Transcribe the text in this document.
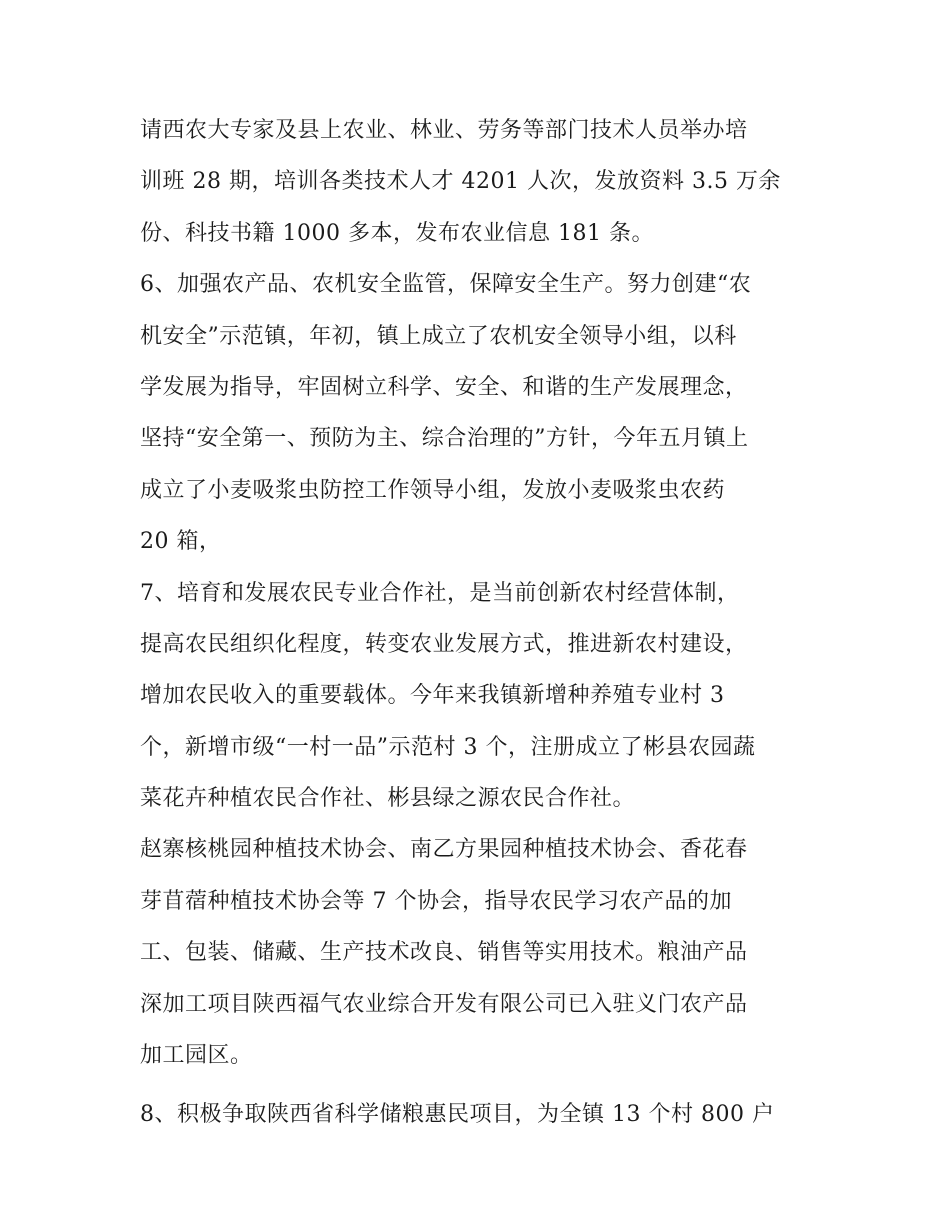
请西农大专家及县上农业、林业、劳务等部门技术人员举办培
训班 28 期，培训各类技术人才 4201 人次，发放资料 3.5 万余
份、科技书籍 1000 多本，发布农业信息 181 条。
6、加强农产品、农机安全监管，保障安全生产。努力创建“农
机安全”示范镇，年初，镇上成立了农机安全领导小组，以科
学发展为指导，牢固树立科学、安全、和谐的生产发展理念，
坚持“安全第一、预防为主、综合治理的”方针，今年五月镇上
成立了小麦吸浆虫防控工作领导小组，发放小麦吸浆虫农药
20 箱，
7、培育和发展农民专业合作社，是当前创新农村经营体制，
提高农民组织化程度，转变农业发展方式，推进新农村建设，
增加农民收入的重要载体。今年来我镇新增种养殖专业村 3
个，新增市级“一村一品”示范村 3 个，注册成立了彬县农园蔬
菜花卉种植农民合作社、彬县绿之源农民合作社。
赵寨核桃园种植技术协会、南乙方果园种植技术协会、香花春
芽苜蓿种植技术协会等 7 个协会，指导农民学习农产品的加
工、包装、储藏、生产技术改良、销售等实用技术。粮油产品
深加工项目陕西福气农业综合开发有限公司已入驻义门农产品
加工园区。
8、积极争取陕西省科学储粮惠民项目，为全镇 13 个村 800 户
